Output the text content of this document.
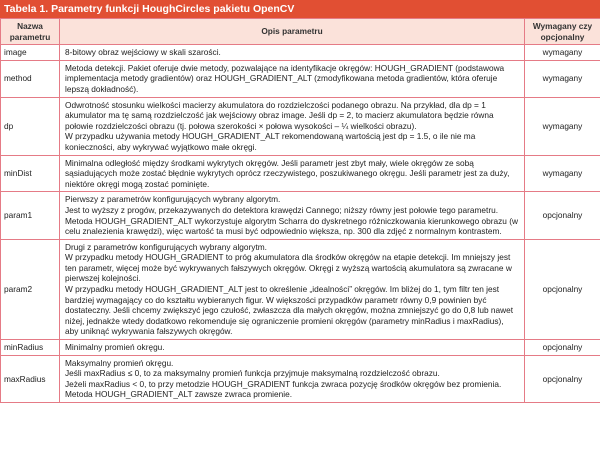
Tabela 1. Parametry funkcji HoughCircles pakietu OpenCV
Nazwa parametru	Opis parametru	Wymagany czy opcjonalny
image	8-bitowy obraz wejściowy w skali szarości.	wymagany
method	Metoda detekcji. Pakiet oferuje dwie metody, pozwalające na identyfikacje okręgów: HOUGH_GRADIENT (podstawowa implementacja metody gradientów) oraz HOUGH_GRADIENT_ALT (zmodyfikowana metoda gradientów, która oferuje lepszą dokładność).	wymagany
dp	Odwrotność stosunku wielkości macierzy akumulatora do rozdzielczości podanego obrazu. Na przykład, dla dp = 1 akumulator ma tę samą rozdzielczość jak wejściowy obraz image. Jeśli dp = 2, to macierz akumulatora będzie równa połowie rozdzielczości obrazu (tj. połowa szerokości × połowa wysokości – ¼ wielkości obrazu).
W przypadku używania metody HOUGH_GRADIENT_ALT rekomendowaną wartością jest dp = 1.5, o ile nie ma konieczności, aby wykrywać wyjątkowo małe okręgi.	wymagany
minDist	Minimalna odległość między środkami wykrytych okręgów. Jeśli parametr jest zbyt mały, wiele okręgów ze sobą sąsiadujących może zostać błędnie wykrytych oprócz rzeczywistego, poszukiwanego okręgu. Jeśli parametr jest za duży, niektóre okręgi mogą zostać pominięte.	wymagany
param1	Pierwszy z parametrów konfigurujących wybrany algorytm.
Jest to wyższy z progów, przekazywanych do detektora krawędzi Cannego; niższy równy jest połowie tego parametru.
Metoda HOUGH_GRADIENT_ALT wykorzystuje algorytm Scharra do dyskretnego różniczkowania kierunkowego obrazu (w celu znalezienia krawędzi), więc wartość ta musi być odpowiednio większa, np. 300 dla zdjęć z normalnym kontrastem.	opcjonalny
param2	Drugi z parametrów konfigurujących wybrany algorytm.
W przypadku metody HOUGH_GRADIENT to próg akumulatora dla środków okręgów na etapie detekcji. Im mniejszy jest ten parametr, więcej może być wykrywanych fałszywych okręgów. Okręgi z wyższą wartością akumulatora są zwracane w pierwszej kolejności.
W przypadku metody HOUGH_GRADIENT_ALT jest to określenie „idealności” okręgów. Im bliżej do 1, tym filtr ten jest bardziej wymagający co do kształtu wybieranych figur. W większości przypadków parametr równy 0,9 powinien być dostateczny. Jeśli chcemy zwiększyć jego czułość, zwłaszcza dla małych okręgów, można zmniejszyć go do 0,8 lub nawet niżej, jednakże wtedy dodatkowo rekomenduje się ograniczenie promieni okręgów (parametry minRadius i maxRadius), aby uniknąć wykrywania fałszywych okręgów.	opcjonalny
minRadius	Minimalny promień okręgu.	opcjonalny
maxRadius	Maksymalny promień okręgu.
Jeśli maxRadius ≤ 0, to za maksymalny promień funkcja przyjmuje maksymalną rozdzielczość obrazu.
Jeżeli maxRadius < 0, to przy metodzie HOUGH_GRADIENT funkcja zwraca pozycję środków okręgów bez promienia. Metoda HOUGH_GRADIENT_ALT zawsze zwraca promienie.	opcjonalny
